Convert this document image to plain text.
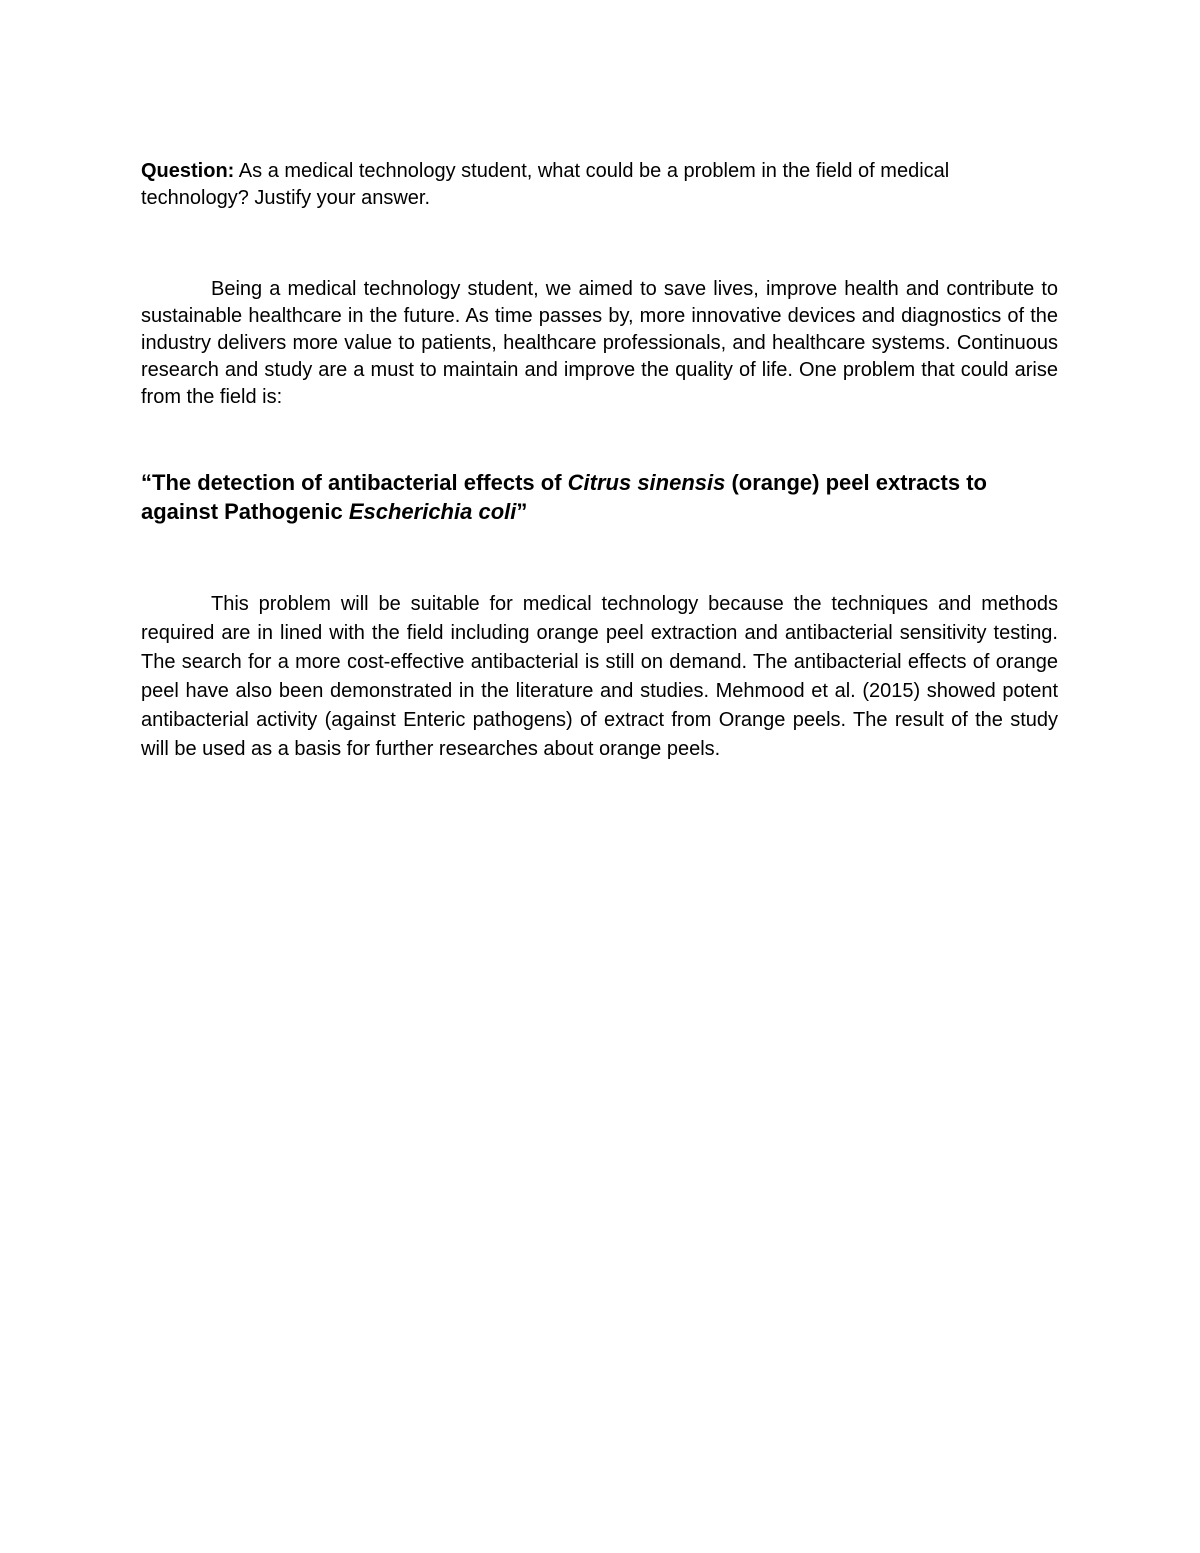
Question: As a medical technology student, what could be a problem in the field of medical technology? Justify your answer.

Being a medical technology student, we aimed to save lives, improve health and contribute to sustainable healthcare in the future. As time passes by, more innovative devices and diagnostics of the industry delivers more value to patients, healthcare professionals, and healthcare systems. Continuous research and study are a must to maintain and improve the quality of life. One problem that could arise from the field is:

“The detection of antibacterial effects of Citrus sinensis (orange) peel extracts to against Pathogenic Escherichia coli”

This problem will be suitable for medical technology because the techniques and methods required are in lined with the field including orange peel extraction and antibacterial sensitivity testing. The search for a more cost-effective antibacterial is still on demand. The antibacterial effects of orange peel have also been demonstrated in the literature and studies. Mehmood et al. (2015) showed potent antibacterial activity (against Enteric pathogens) of extract from Orange peels. The result of the study will be used as a basis for further researches about orange peels.
